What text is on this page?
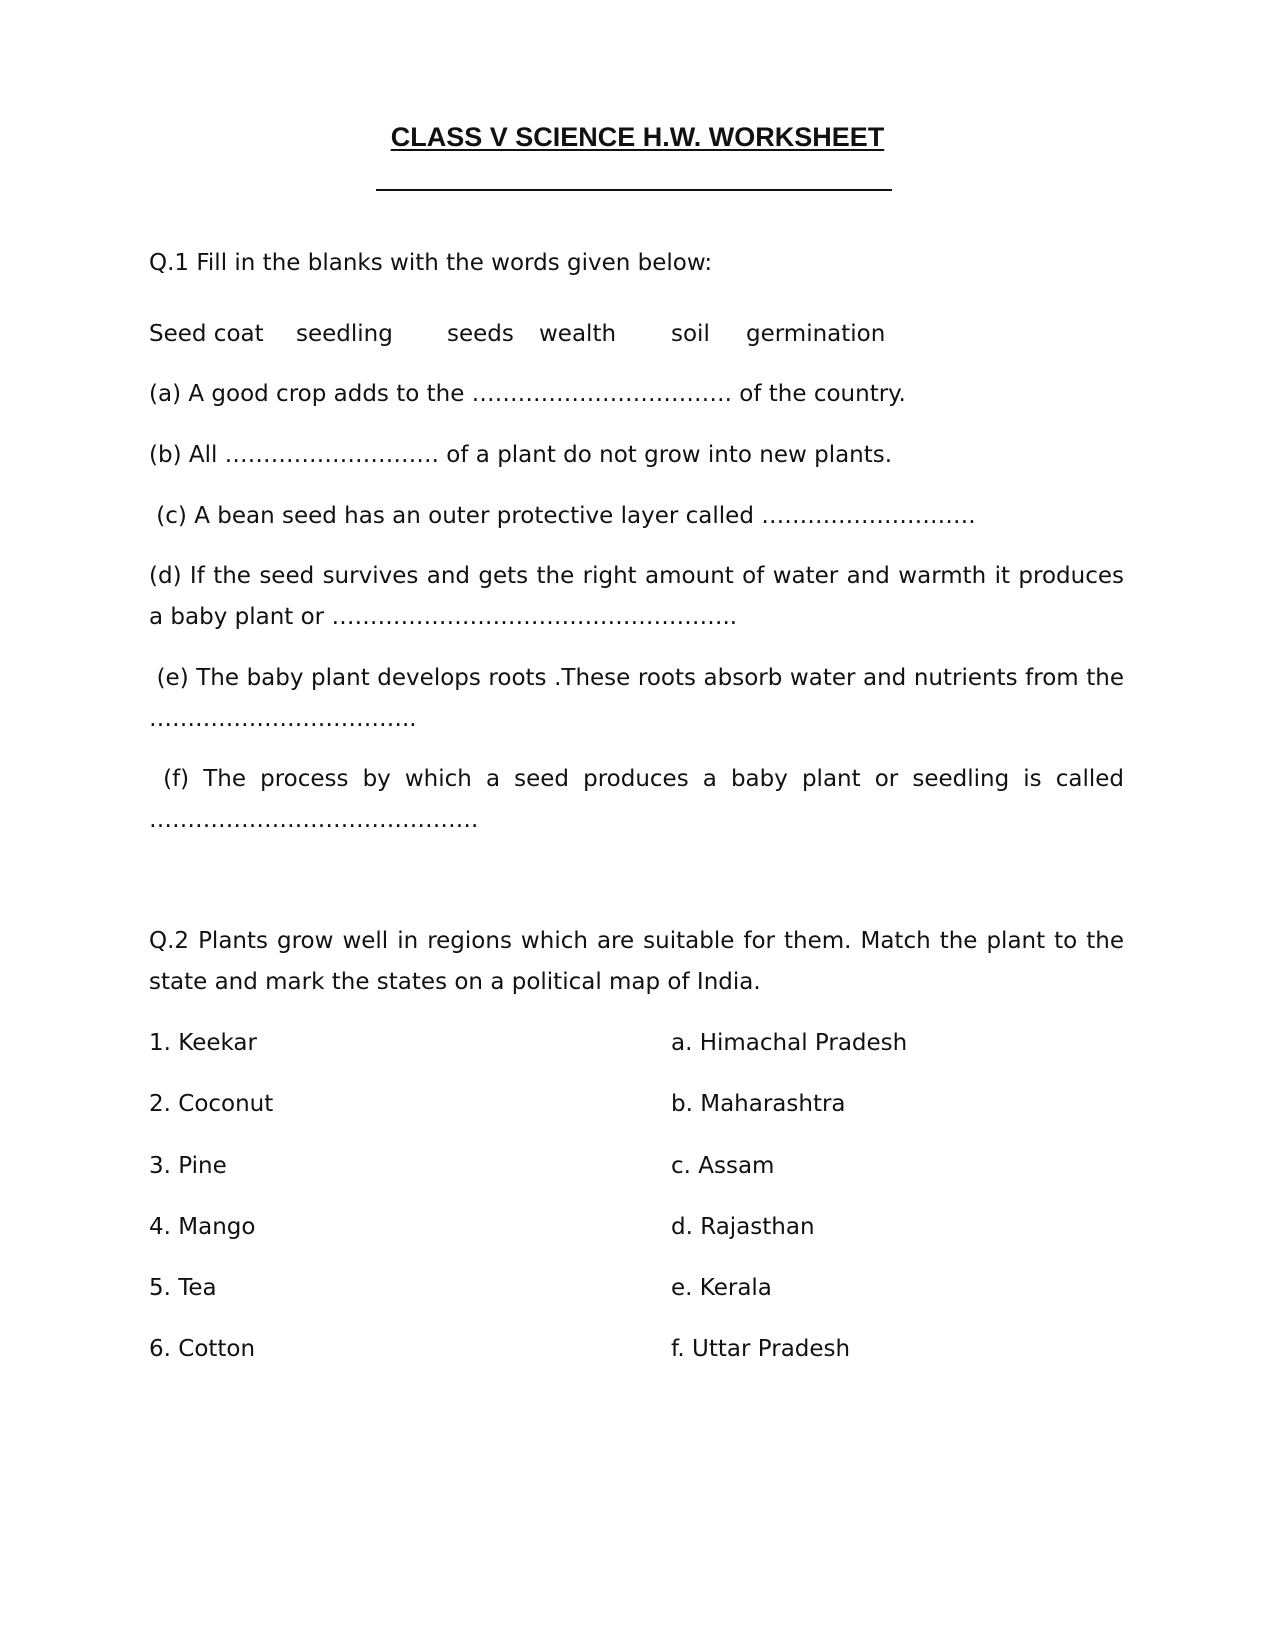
CLASS V SCIENCE H.W. WORKSHEET

Q.1 Fill in the blanks with the words given below:

Seed coat seedling seeds wealth soil germination

(a) A good crop adds to the ……………………………. of the country.

(b) All ………………………. of a plant do not grow into new plants.

(c) A bean seed has an outer protective layer called ……………………….

(d) If the seed survives and gets the right amount of water and warmth it produces a baby plant or ……………………………………………..

(e) The baby plant develops roots .These roots absorb water and nutrients from the ……………………………..

(f) The process by which a seed produces a baby plant or seedling is called …………………………………….

Q.2 Plants grow well in regions which are suitable for them. Match the plant to the state and mark the states on a political map of India.

1. Keekar
2. Coconut
3. Pine
4. Mango
5. Tea
6. Cotton
a. Himachal Pradesh
b. Maharashtra
c. Assam
d. Rajasthan
e. Kerala
f. Uttar Pradesh
